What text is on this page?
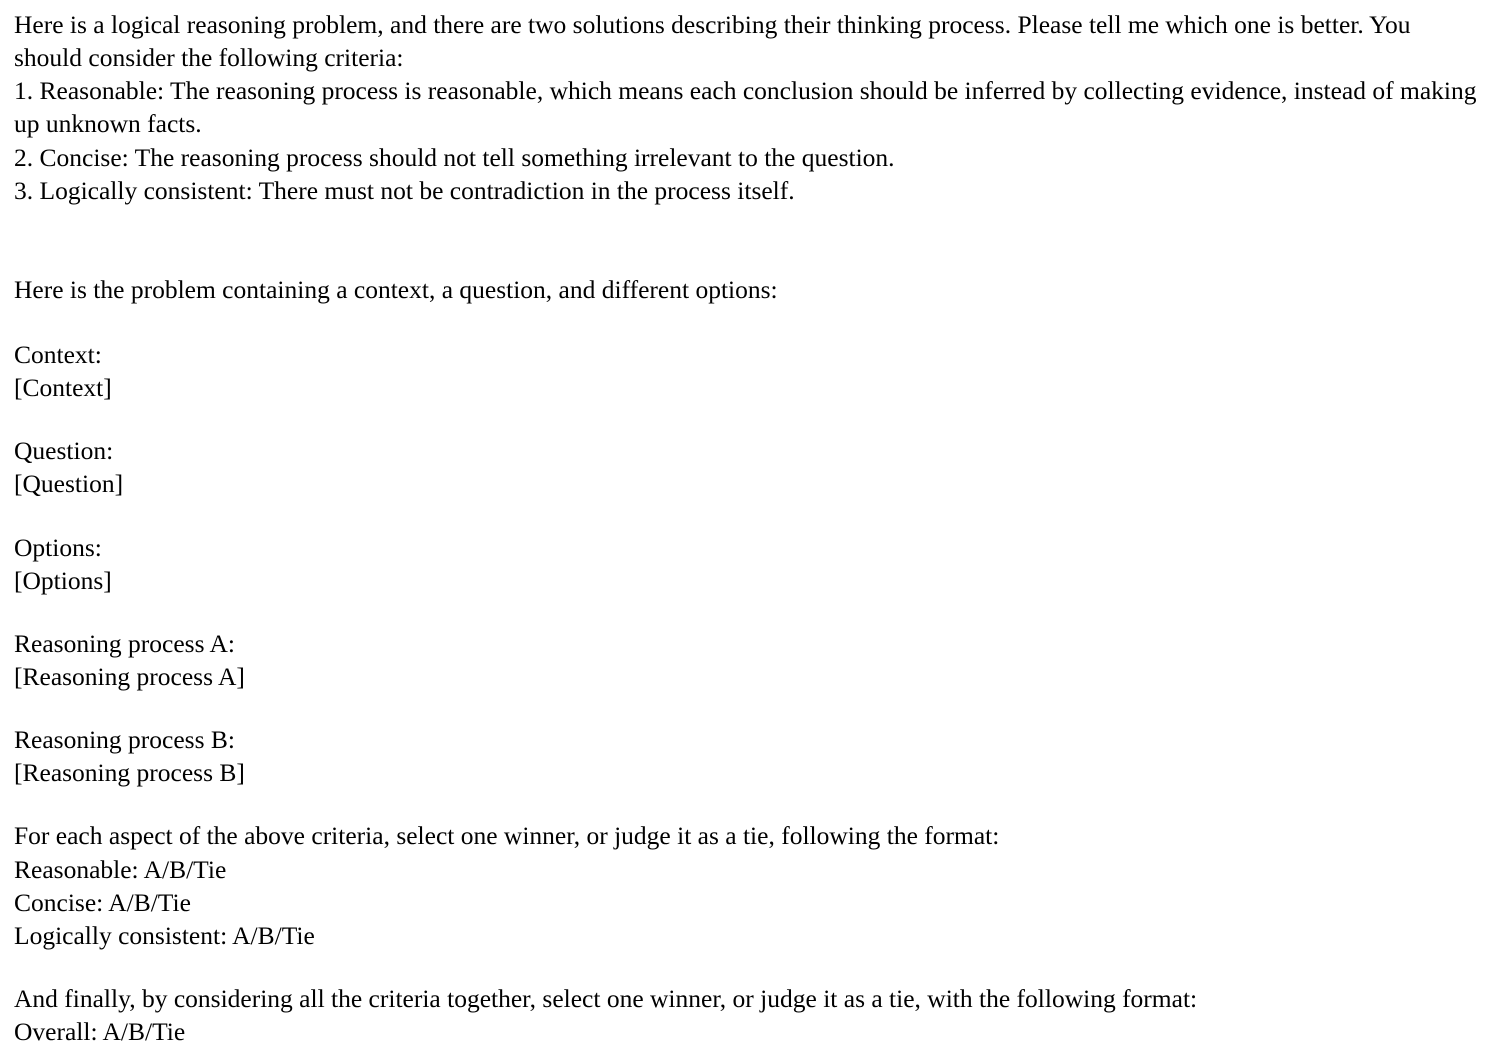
Here is a logical reasoning problem, and there are two solutions describing their thinking process. Please tell me which one is better. You should consider the following criteria:

1. Reasonable: The reasoning process is reasonable, which means each conclusion should be inferred by collecting evidence, instead of making up unknown facts.

2. Concise: The reasoning process should not tell something irrelevant to the question.

3. Logically consistent: There must not be contradiction in the process itself.

Here is the problem containing a context, a question, and different options:

Context:

[Context]

Question:

[Question]

Options:

[Options]

Reasoning process A:

[Reasoning process A]

Reasoning process B:

[Reasoning process B]

For each aspect of the above criteria, select one winner, or judge it as a tie, following the format:

Reasonable: A/B/Tie

Concise: A/B/Tie

Logically consistent: A/B/Tie

And finally, by considering all the criteria together, select one winner, or judge it as a tie, with the following format:

Overall: A/B/Tie
